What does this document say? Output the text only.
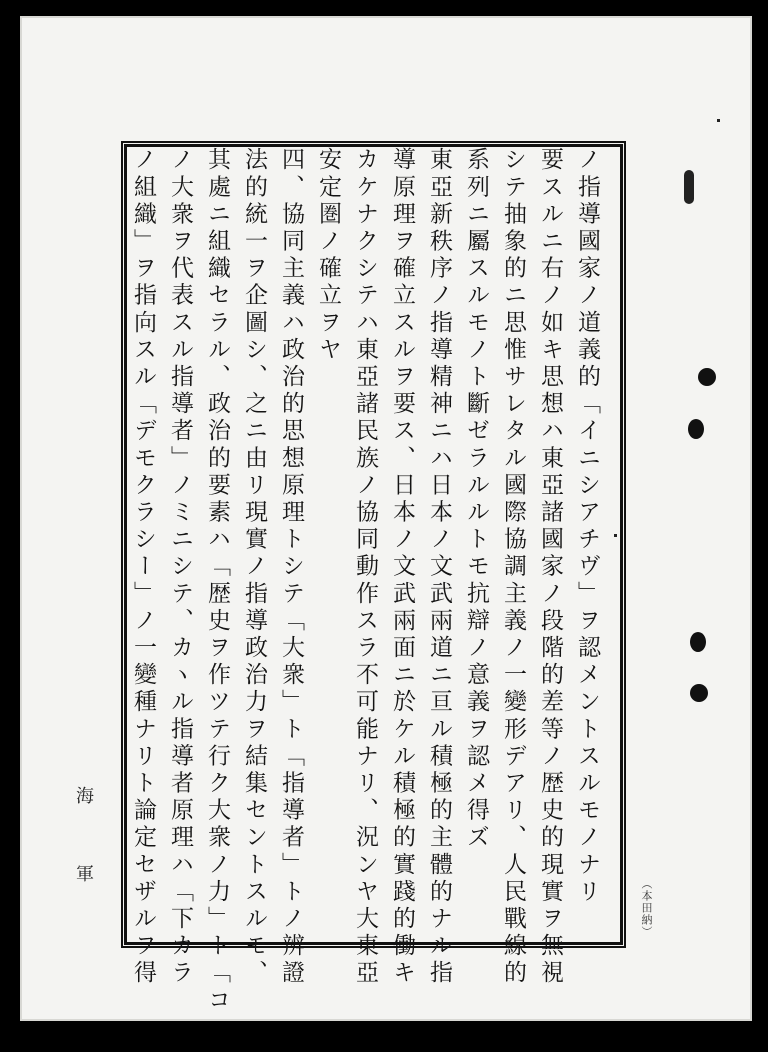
ノ指導國家ノ道義的「イニシアチヴ」ヲ認メントスルモノナリ
要スルニ右ノ如キ思想ハ東亞諸國家ノ段階的差等ノ歴史的現實ヲ無視
シテ抽象的ニ思惟サレタル國際協調主義ノ一變形デアリ、人民戰線的
系列ニ屬スルモノト斷ゼラルルトモ抗辯ノ意義ヲ認メ得ズ
東亞新秩序ノ指導精神ニハ日本ノ文武兩道ニ亘ル積極的主體的ナル指
導原理ヲ確立スルヲ要ス、日本ノ文武兩面ニ於ケル積極的實踐的働キ
カケナクシテハ東亞諸民族ノ協同動作スラ不可能ナリ、況ンヤ大東亞
安定圏ノ確立ヲヤ
四、協同主義ハ政治的思想原理トシテ「大衆」ト「指導者」トノ辨證
法的統一ヲ企圖シ、之ニ由リ現實ノ指導政治力ヲ結集セントスルモ、
其處ニ組織セラル、政治的要素ハ「歴史ヲ作ツテ行ク大衆ノ力」ト「コ
ノ大衆ヲ代表スル指導者」ノミニシテ、カヽル指導者原理ハ「下カラ
ノ組織」ヲ指向スル「デモクラシー」ノ一變種ナリト論定セザルヲ得
海軍	（本田納）
